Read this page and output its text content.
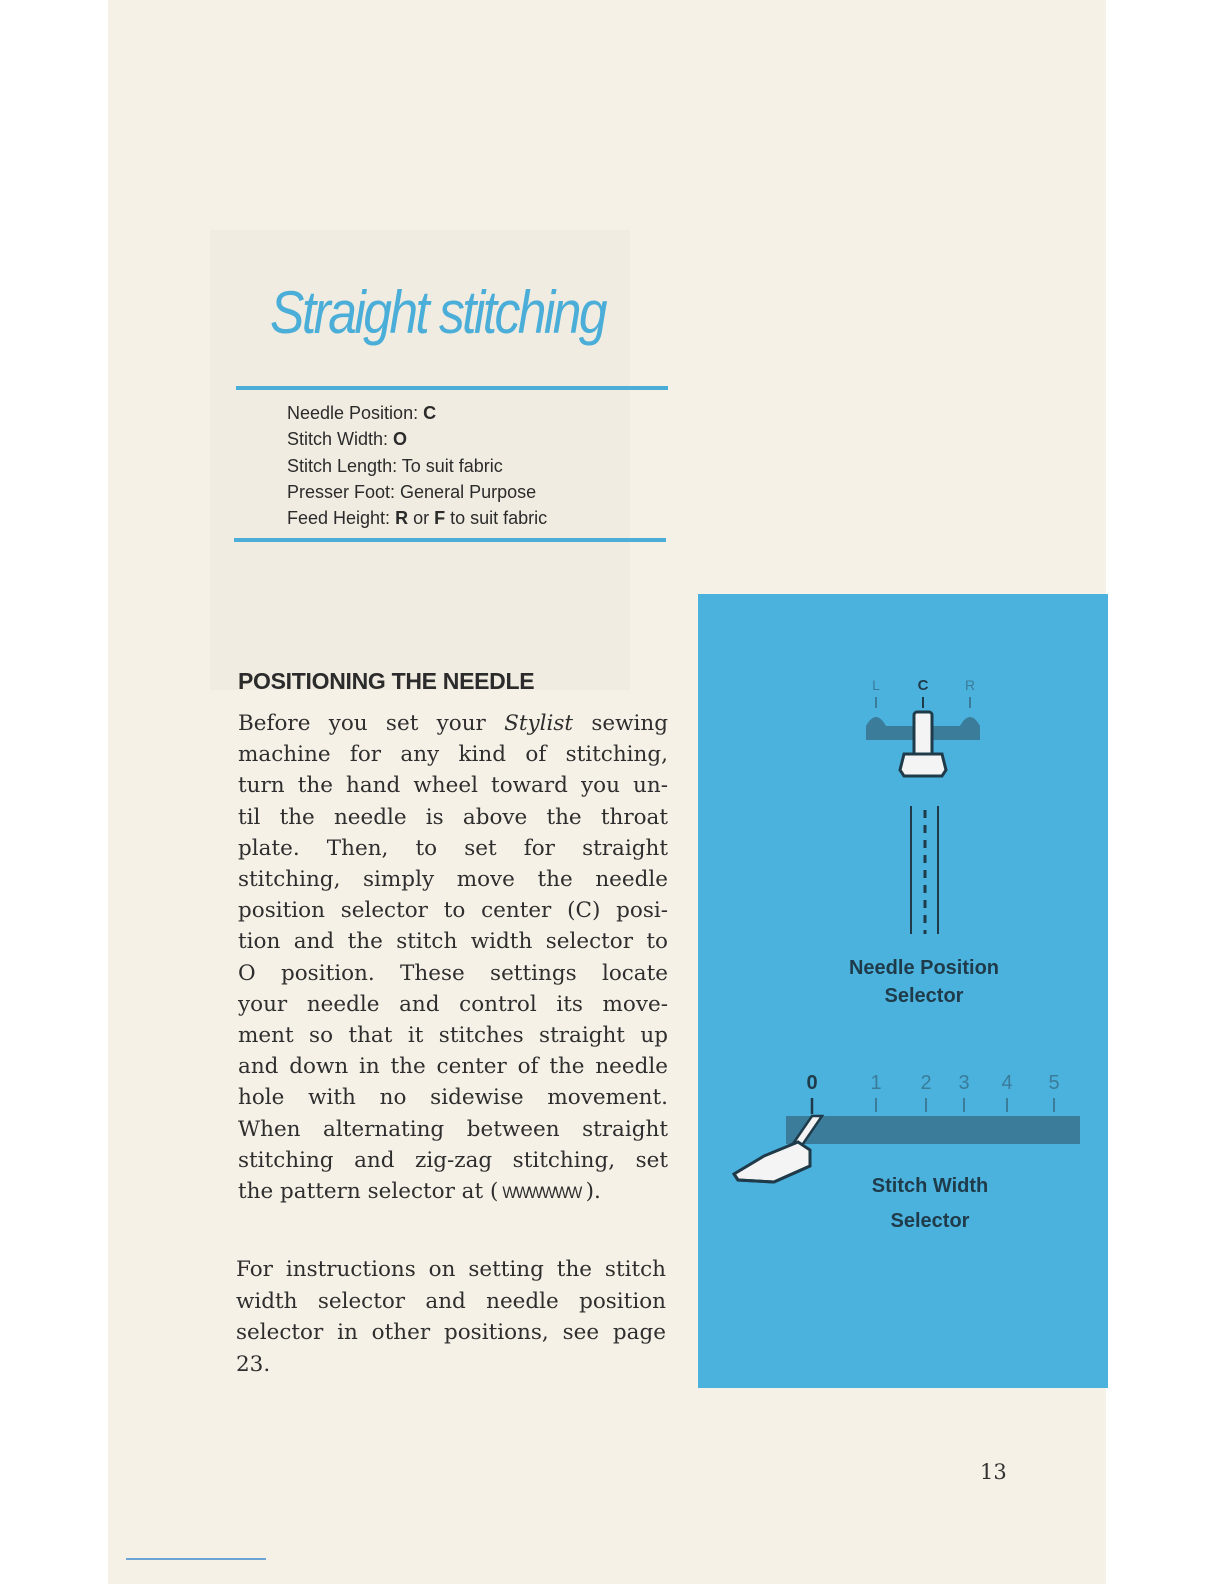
Straight stitching
Needle Position: C
Stitch Width: O
Stitch Length: To suit fabric
Presser Foot: General Purpose
Feed Height: R or F to suit fabric
POSITIONING THE NEEDLE
Before you set your Stylist sewing
machine for any kind of stitching,
turn the hand wheel toward you un-
til the needle is above the throat
plate. Then, to set for straight
stitching, simply move the needle
position selector to center (C) posi-
tion and the stitch width selector to
O position. These settings locate
your needle and control its move-
ment so that it stitches straight up
and down in the center of the needle
hole with no sidewise movement.
When alternating between straight
stitching and zig-zag stitching, set
the pattern selector at ( WWWWWW ).
For instructions on setting the stitch
width selector and needle position
selector in other positions, see page
23.
L	C	R
Needle Position
Selector
0	1 2 3 4 5
Stitch Width
Selector
13
